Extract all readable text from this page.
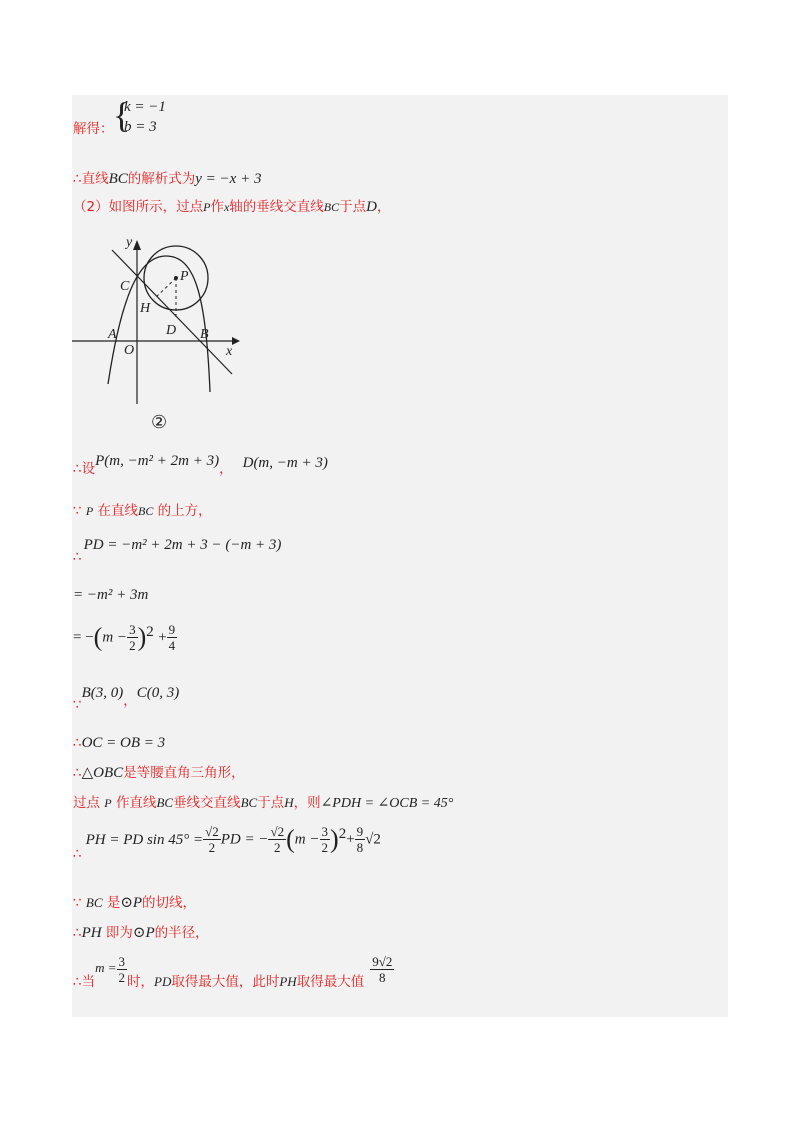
{
k = −1
b = 3
解得：
∴直线BC的解析式为y = −x + 3
（2）如图所示，过点P作x轴的垂线交直线BC于点D，
y
x
C
P
H
D
A
O
B
②
∴设P(m, −m² + 2m + 3)， D(m, −m + 3)
∵ P 在直线BC 的上方，
∴PD = −m² + 2m + 3 − (−m + 3)
= −m² + 3m
= $-(m - \frac{3}{2} )^2 + \frac{9}{4}$
∵B(3, 0)，C(0, 3)
∴OC = OB = 3
∴△OBC是等腰直角三角形，
过点 P 作直线BC垂线交直线BC于点H，则∠PDH = ∠OCB = 45°
∴PH = PD $\sin 45^\circ = \frac{√2}{2}$ PD = − $\frac{√2}{2} (m - \frac{3}{2} )^2+ \frac{9}{8} √2$
∵ BC 是⊙P的切线，
∴PH 即为⊙P的半径，
∴当$m = \frac{3}{2}$ 时，PD取得最大值，此时PH取得最大值 $\frac{9√2}{8}$
